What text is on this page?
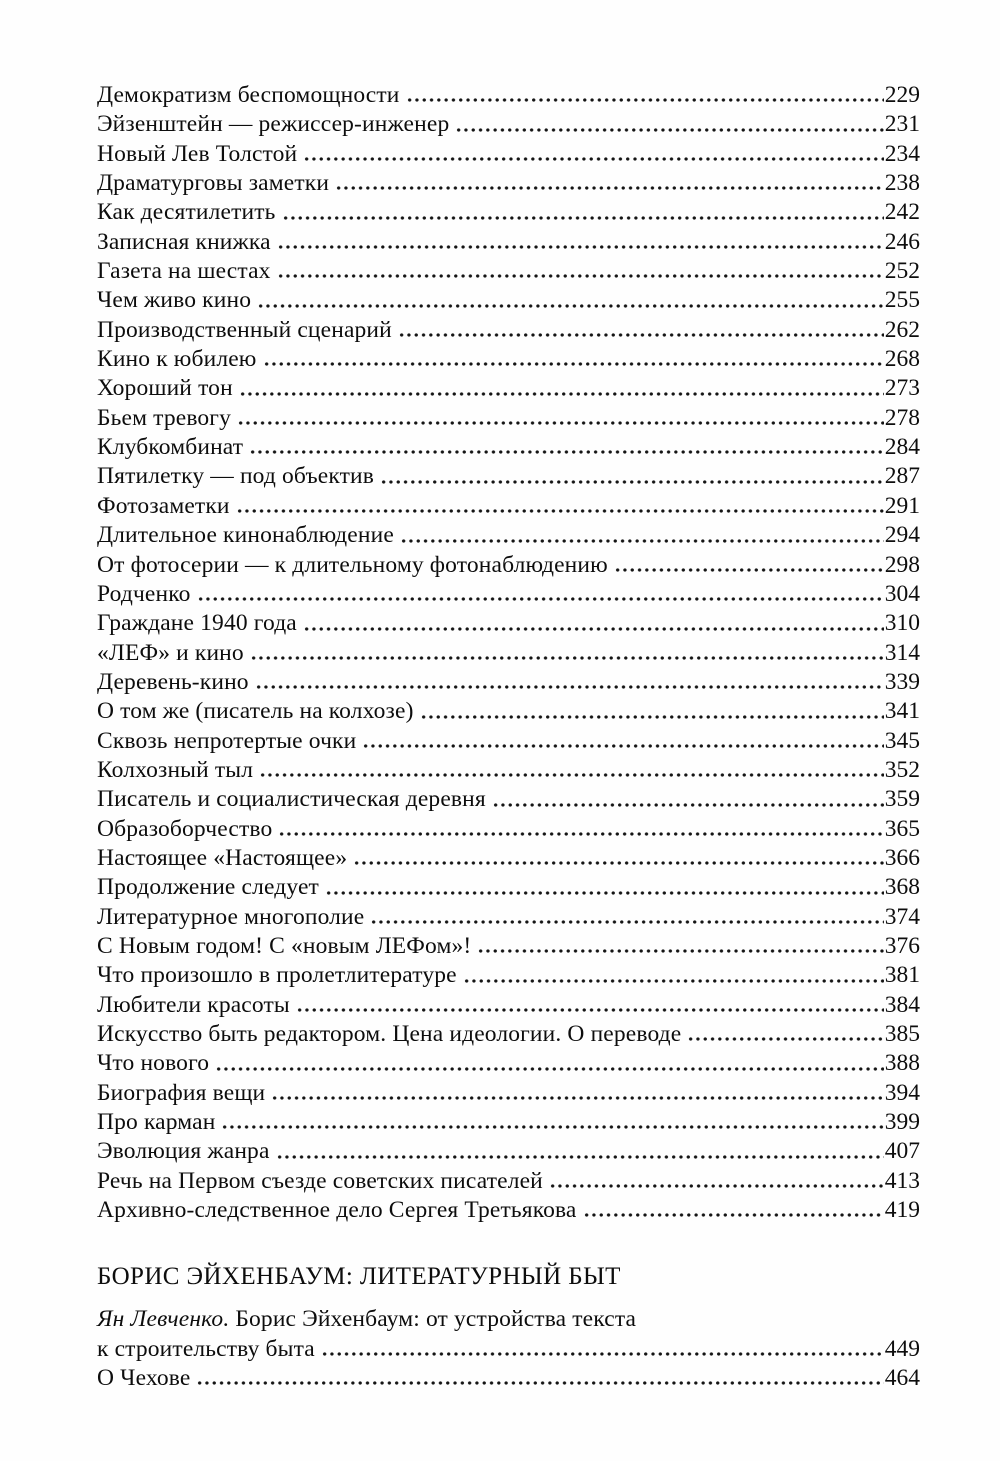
Демократизм беспомощности	229
Эйзенштейн — режиссер-инженер	231
Новый Лев Толстой	234
Драматурговы заметки	238
Как десятилетить	242
Записная книжка	246
Газета на шестах	252
Чем живо кино	255
Производственный сценарий	262
Кино к юбилею	268
Хороший тон	273
Бьем тревогу	278
Клубкомбинат	284
Пятилетку — под объектив	287
Фотозаметки	291
Длительное кинонаблюдение	294
От фотосерии — к длительному фотонаблюдению	298
Родченко	304
Граждане 1940 года	310
«ЛЕФ» и кино	314
Деревень-кино	339
О том же (писатель на колхозе)	341
Сквозь непротертые очки	345
Колхозный тыл	352
Писатель и социалистическая деревня	359
Образоборчество	365
Настоящее «Настоящее»	366
Продолжение следует	368
Литературное многополие	374
С Новым годом! С «новым ЛЕФом»!	376
Что произошло в пролетлитературе	381
Любители красоты	384
Искусство быть редактором. Цена идеологии. О переводе	385
Что нового	388
Биография вещи	394
Про карман	399
Эволюция жанра	407
Речь на Первом съезде советских писателей	413
Архивно-следственное дело Сергея Третьякова	419
БОРИС ЭЙХЕНБАУМ: ЛИТЕРАТУРНЫЙ БЫТ
Ян Левченко. Борис Эйхенбаум: от устройства текста
к строительству быта	449
О Чехове	464
